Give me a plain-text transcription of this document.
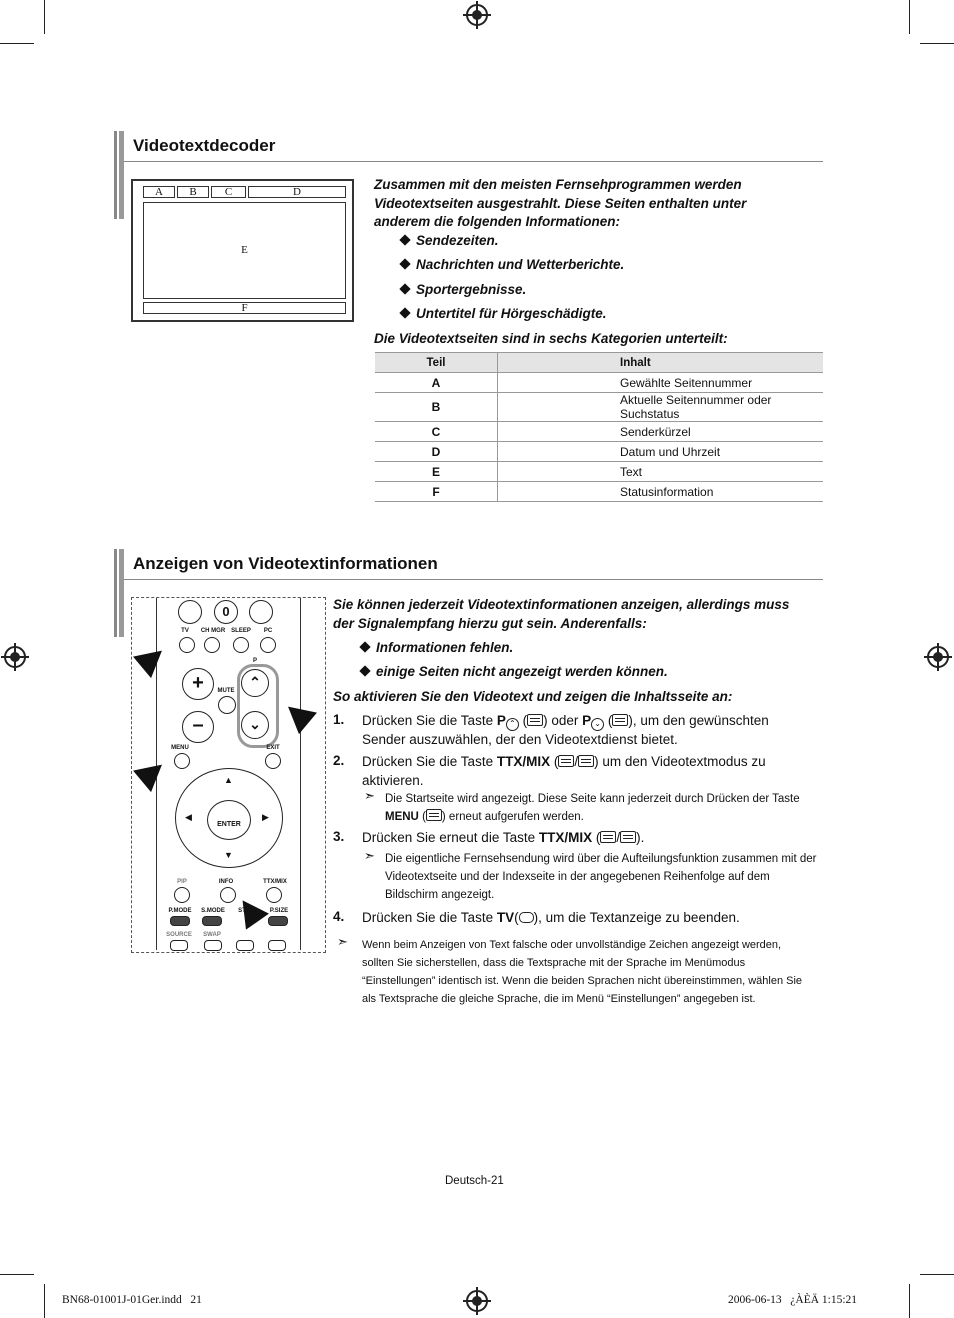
Videotextdecoder
A	B	C	D
E
F
Zusammen mit den meisten Fernsehprogrammen werden Videotextseiten ausgestrahlt. Diese Seiten enthalten unter anderem die folgenden Informationen:
Sendezeiten.
Nachrichten und Wetterberichte.
Sportergebnisse.
Untertitel für Hörgeschädigte.
Die Videotextseiten sind in sechs Kategorien unterteilt:
Teil	Inhalt
A	Gewählte Seitennummer
B	Aktuelle Seitennummer oder Suchstatus
C	Senderkürzel
D	Datum und Uhrzeit
E	Text
F	Statusinformation
Anzeigen von Videotextinformationen
0
TV	CH MGR SLEEP	PC
+
–
MUTE
P
⌃
⌄
MENU	EXIT
ENTER
▲
▼
◀	▶
PIP	INFO	TTX/MIX
P.MODE	S.MODE	ST	P.SIZE
SOURCE	SWAP
Sie können jederzeit Videotextinformationen anzeigen, allerdings muss der Signalempfang hierzu gut sein. Anderenfalls:
Informationen fehlen.
einige Seiten nicht angezeigt werden können.
So aktivieren Sie den Videotext und zeigen die Inhaltsseite an:
1. Drücken Sie die Taste P ⌃ ( ) oder P ⌄ ( ), um den gewünschten Sender auszuwählen, der den Videotextdienst bietet.
2. Drücken Sie die Taste TTX/MIX ( / ) um den Videotextmodus zu aktivieren.
➣ Die Startseite wird angezeigt. Diese Seite kann jederzeit durch Drücken der Taste MENU ( ) erneut aufgerufen werden.
3. Drücken Sie erneut die Taste TTX/MIX ( / ).
➣ Die eigentliche Fernsehsendung wird über die Aufteilungsfunktion zusammen mit der Videotextseite und der Indexseite in der angegebenen Reihenfolge auf dem Bildschirm angezeigt.
4. Drücken Sie die Taste TV( ), um die Textanzeige zu beenden.
➣ Wenn beim Anzeigen von Text falsche oder unvollständige Zeichen angezeigt werden, sollten Sie sicherstellen, dass die Textsprache mit der Sprache im Menümodus “Einstellungen” identisch ist. Wenn die beiden Sprachen nicht übereinstimmen, wählen Sie als Textsprache die gleiche Sprache, die im Menü “Einstellungen” angegeben ist.
Deutsch-21
BN68-01001J-01Ger.indd   21	2006-06-13   ¿ÀÈÄ 1:15:21
